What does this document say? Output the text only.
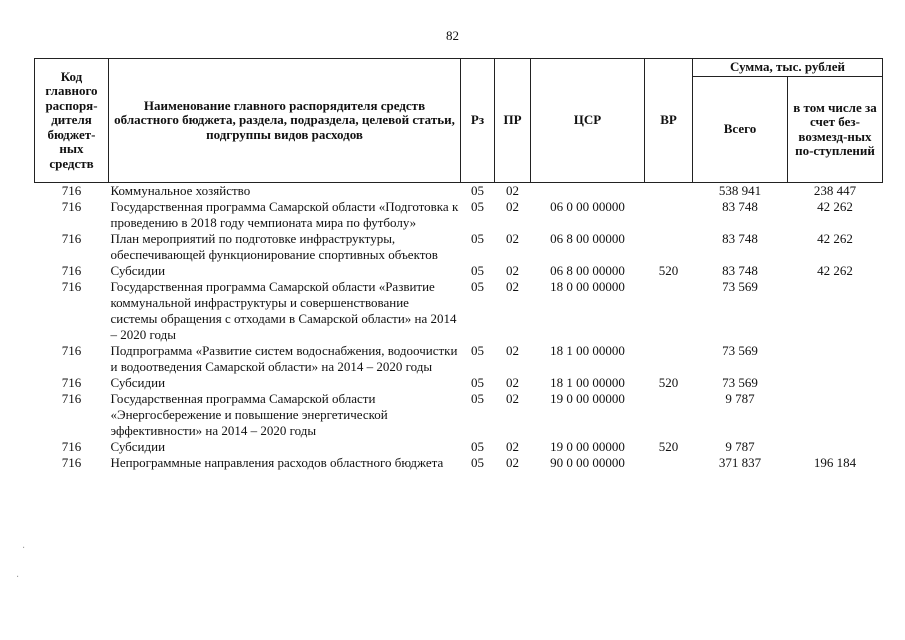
82
Код главного распоря-дителя бюджет-ных средств	Наименование главного распорядителя средств областного бюджета, раздела, подраздела, целевой статьи, подгруппы видов расходов	Рз	ПР	ЦСР	ВР	Сумма, тыс. рублей	
						Всего	в том числе за счет без-возмезд-ных по-ступлений
716	Коммунальное хозяйство	05	02			538 941	238 447
716	Государственная программа Самарской области «Подготовка к проведению в 2018 году чемпионата мира по футболу»	05	02	06 0 00 00000		83 748	42 262
716	План мероприятий по подготовке инфраструктуры, обеспечивающей функционирование спортивных объектов	05	02	06 8 00 00000		83 748	42 262
716	Субсидии	05	02	06 8 00 00000	520	83 748	42 262
716	Государственная программа Самарской области «Развитие коммунальной инфраструктуры и совершенствование системы обращения с отходами в Самарской области» на 2014 – 2020 годы	05	02	18 0 00 00000		73 569	
716	Подпрограмма «Развитие систем водоснабжения, водоочистки и водоотведения Самарской области» на 2014 – 2020 годы	05	02	18 1 00 00000		73 569	
716	Субсидии	05	02	18 1 00 00000	520	73 569	
716	Государственная программа Самарской области «Энергосбережение и повышение энергетической эффективности» на 2014 – 2020 годы	05	02	19 0 00 00000		9 787	
716	Субсидии	05	02	19 0 00 00000	520	9 787	
716	Непрограммные направления расходов областного бюджета	05	02	90 0 00 00000		371 837	196 184
·
·
